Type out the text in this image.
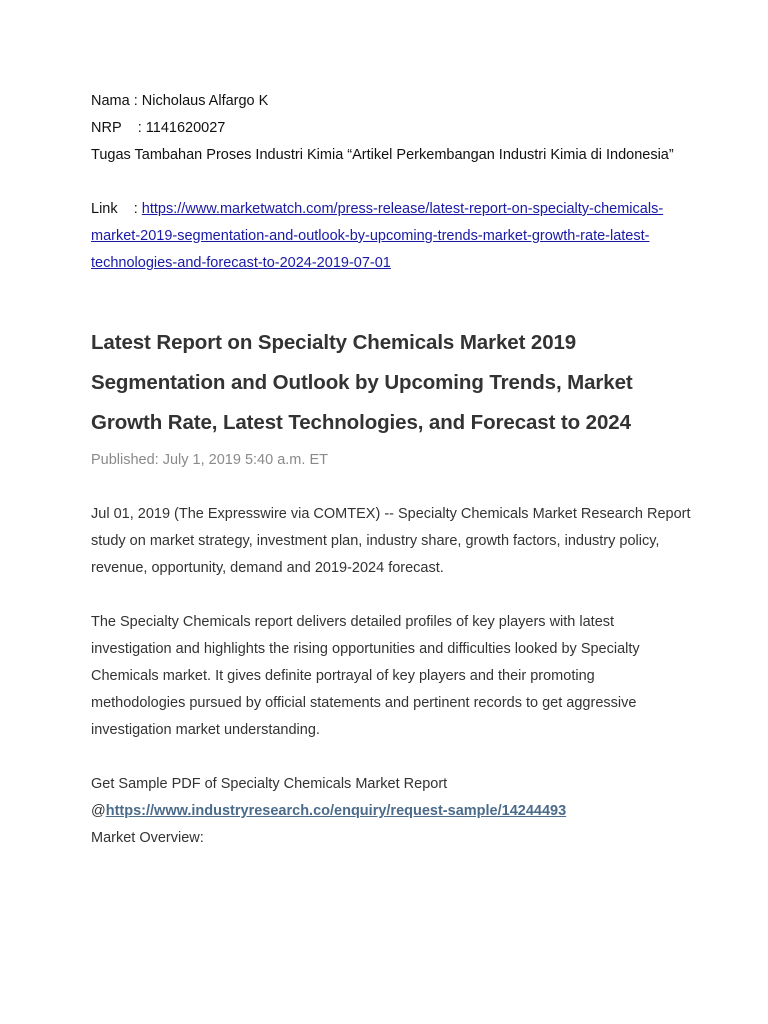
Nama : Nicholaus Alfargo K
NRP    : 1141620027
Tugas Tambahan Proses Industri Kimia “Artikel Perkembangan Industri Kimia di Indonesia”
Link    : https://www.marketwatch.com/press-release/latest-report-on-specialty-chemicals-market-2019-segmentation-and-outlook-by-upcoming-trends-market-growth-rate-latest-technologies-and-forecast-to-2024-2019-07-01
Latest Report on Specialty Chemicals Market 2019 Segmentation and Outlook by Upcoming Trends, Market Growth Rate, Latest Technologies, and Forecast to 2024
Published: July 1, 2019 5:40 a.m. ET
Jul 01, 2019 (The Expresswire via COMTEX) -- Specialty Chemicals Market Research Report study on market strategy, investment plan, industry share, growth factors, industry policy, revenue, opportunity, demand and 2019-2024 forecast.
The Specialty Chemicals report delivers detailed profiles of key players with latest investigation and highlights the rising opportunities and difficulties looked by Specialty Chemicals market. It gives definite portrayal of key players and their promoting methodologies pursued by official statements and pertinent records to get aggressive investigation market understanding.
Get Sample PDF of Specialty Chemicals Market Report
@https://www.industryresearch.co/enquiry/request-sample/14244493
Market Overview:
